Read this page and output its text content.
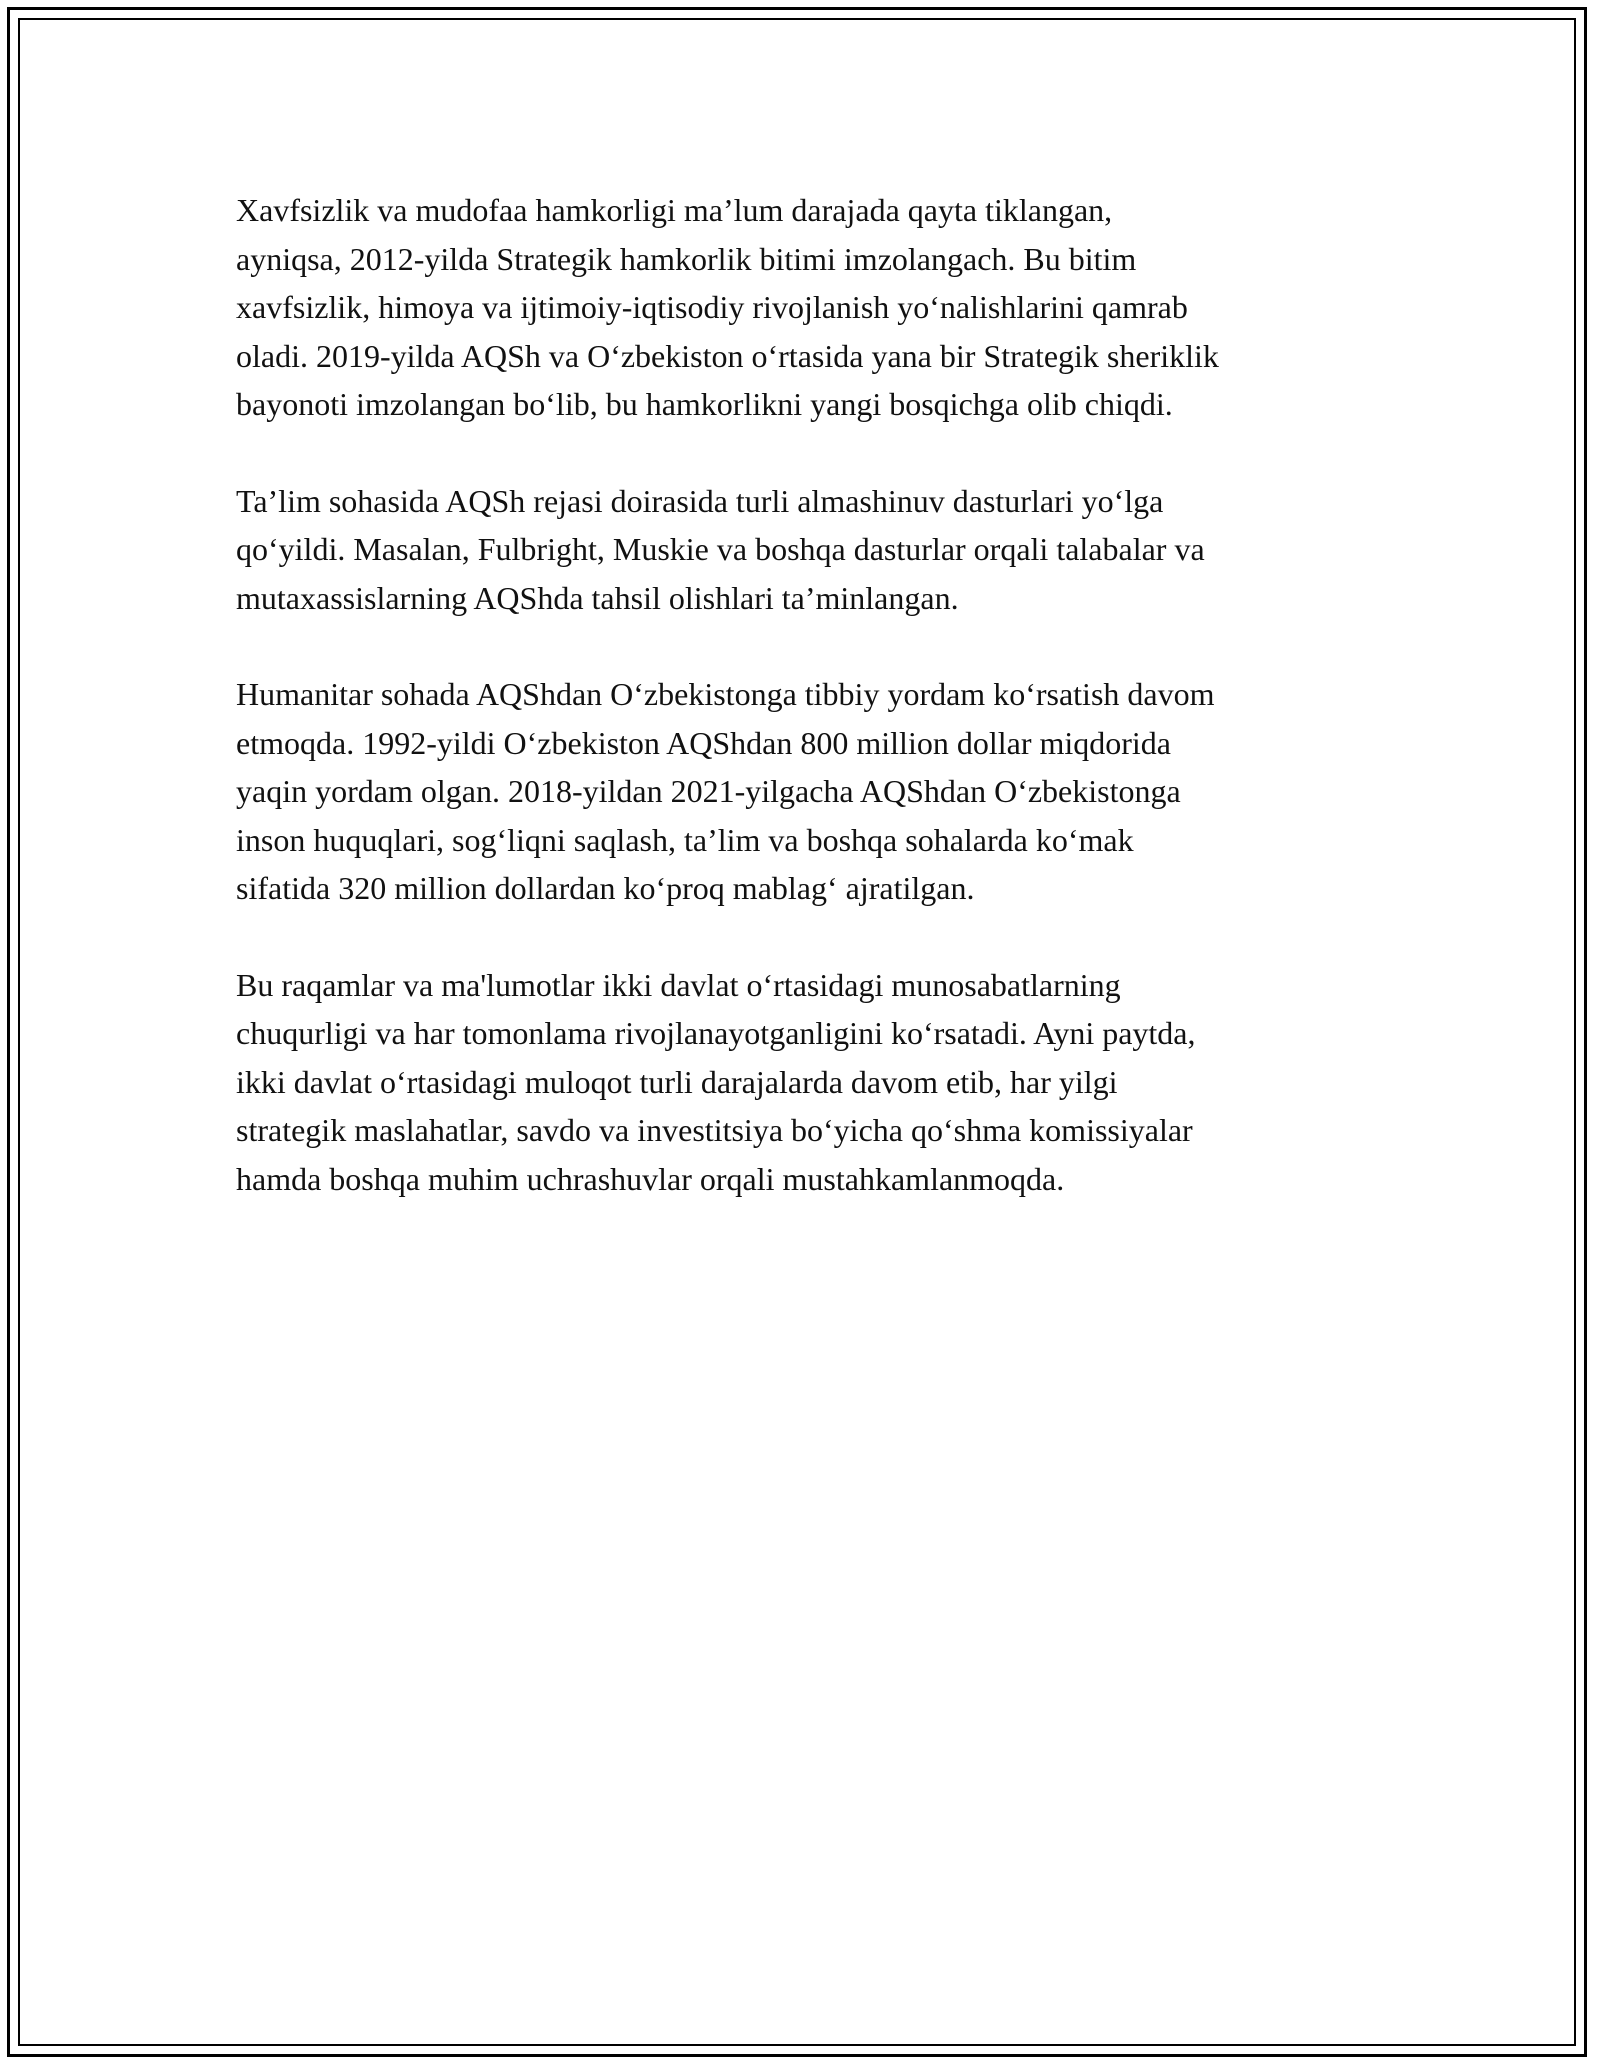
Xavfsizlik va mudofaa hamkorligi ma’lum darajada qayta tiklangan,
ayniqsa, 2012-yilda Strategik hamkorlik bitimi imzolangach. Bu bitim
xavfsizlik, himoya va ijtimoiy-iqtisodiy rivojlanish yo‘nalishlarini qamrab
oladi. 2019-yilda AQSh va O‘zbekiston o‘rtasida yana bir Strategik sheriklik
bayonoti imzolangan bo‘lib, bu hamkorlikni yangi bosqichga olib chiqdi.

Ta’lim sohasida AQSh rejasi doirasida turli almashinuv dasturlari yo‘lga
qo‘yildi. Masalan, Fulbright, Muskie va boshqa dasturlar orqali talabalar va
mutaxassislarning AQShda tahsil olishlari ta’minlangan.

Humanitar sohada AQShdan O‘zbekistonga tibbiy yordam ko‘rsatish davom
etmoqda. 1992-yildi O‘zbekiston AQShdan 800 million dollar miqdorida
yaqin yordam olgan. 2018-yildan 2021-yilgacha AQShdan O‘zbekistonga
inson huquqlari, sog‘liqni saqlash, ta’lim va boshqa sohalarda ko‘mak
sifatida 320 million dollardan ko‘proq mablag‘ ajratilgan.

Bu raqamlar va ma'lumotlar ikki davlat o‘rtasidagi munosabatlarning
chuqurligi va har tomonlama rivojlanayotganligini ko‘rsatadi. Ayni paytda,
ikki davlat o‘rtasidagi muloqot turli darajalarda davom etib, har yilgi
strategik maslahatlar, savdo va investitsiya bo‘yicha qo‘shma komissiyalar
hamda boshqa muhim uchrashuvlar orqali mustahkamlanmoqda.
